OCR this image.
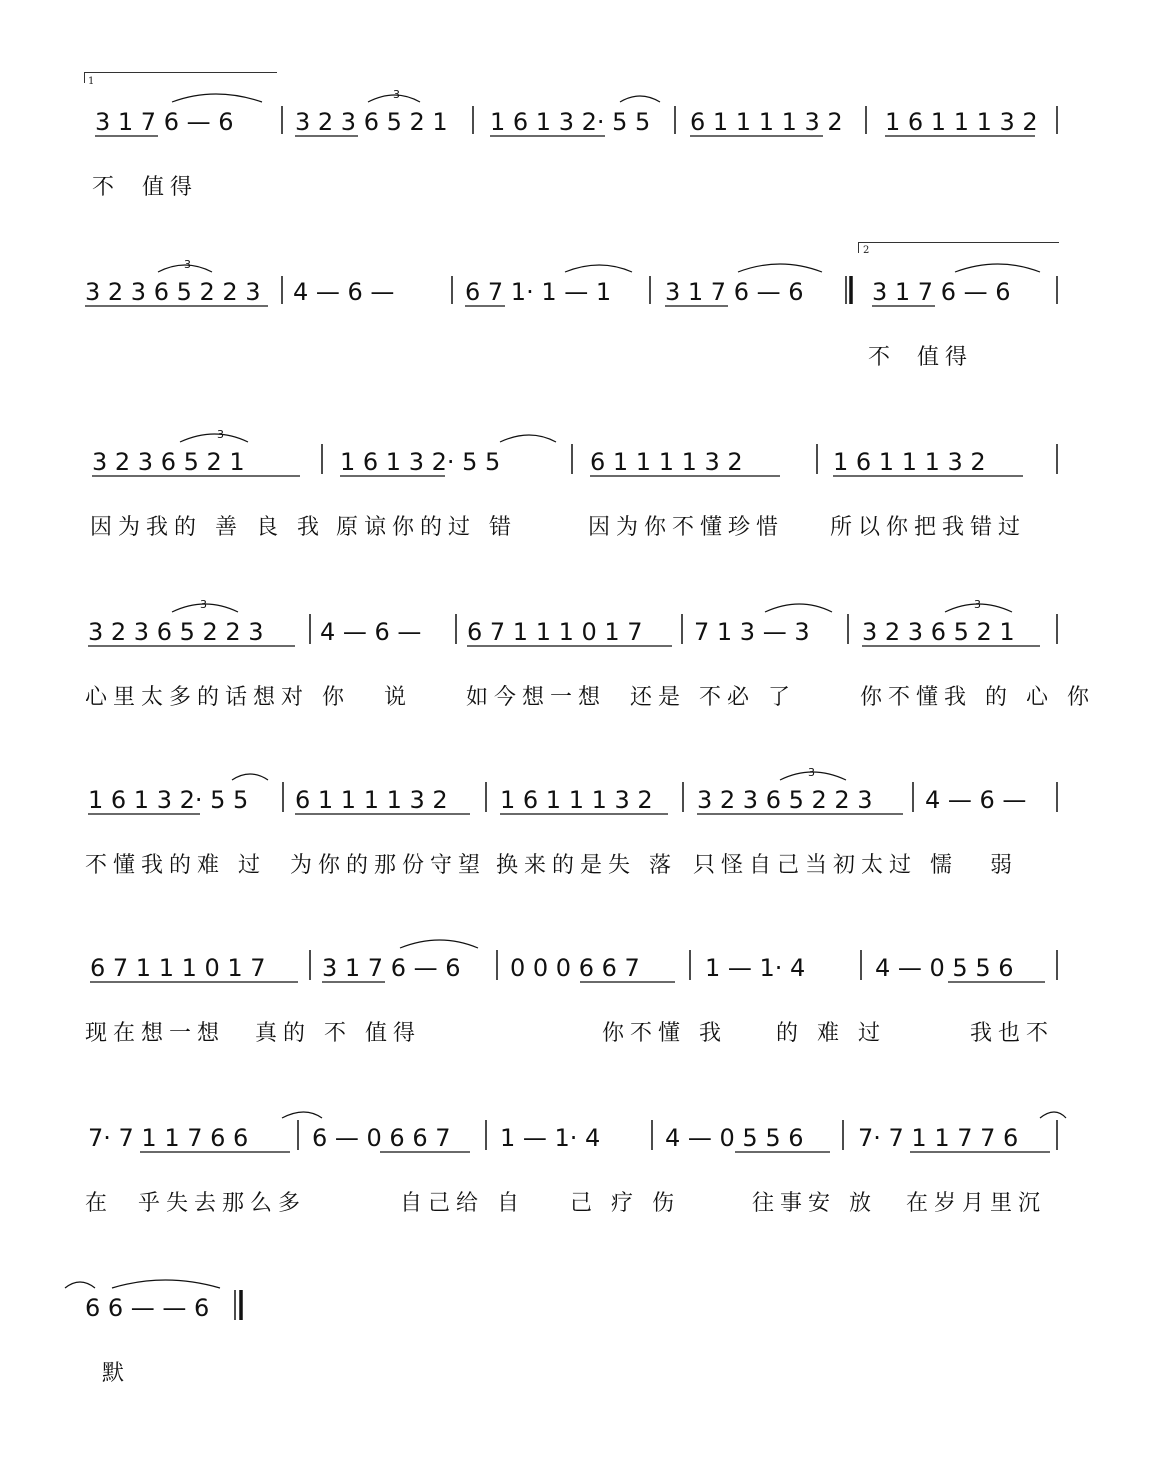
1
2
3 1 7 6 — 6	3 2 3 6 5 2 1 1 6 1 3 2· 5 5 6 1 1 1 1 3 2 1 6 1 1 1 3 2
3
不 值得
3 2 3 6 5 2 2 3 4 — 6 —	6 7 1· 1 — 1 3 1 7 6 — 6	3 1 7 6 — 6
3
不 值得
3 2 3 6 5 2 1	1 6 1 3 2· 5 5	6 1 1 1 1 3 2	1 6 1 1 1 3 2
3
因为我的 善 良 我 原谅你的过 错	因为你不懂珍惜 所以你把我错过
3 2 3 6 5 2 2 3 4 — 6 — 6 7 1 1 1 0 1 7 7 1 3 — 3 3 2 3 6 5 2 1
3	3
心里太多的话想对 你 说 如今想一想 还是 不必 了	你不懂我 的 心 你
1 6 1 3 2· 5 5 6 1 1 1 1 3 2 1 6 1 1 1 3 2 3 2 3 6 5 2 2 3 4 — 6 —
3
不懂我的难 过 为你的那份守望 换来的是失 落 只怪自己当初太过 懦 弱
6 7 1 1 1 0 1 7 3 1 7 6 — 6 0 0 0 6 6 7	1 — 1· 4	4 — 0 5 5 6
现在想一想 真的 不 值得	你不懂 我 的 难 过	我也不
7· 7 1 1 7 6 6	6 — 0 6 6 7 1 — 1· 4	4 — 0 5 5 6 7· 7 1 1 7 7 6
在 乎失去那么多	自己给 自 己 疗 伤	往事安 放 在岁月里沉
6 6 — — 6
默
